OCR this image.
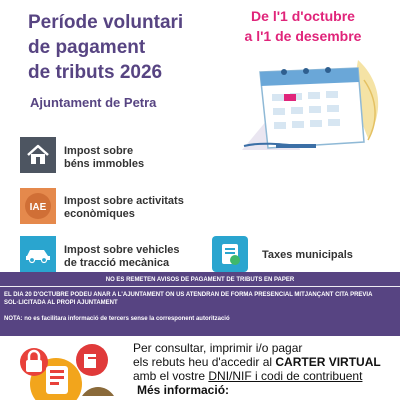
Període voluntari
de pagament
de tributs 2026
Ajuntament de Petra
De l'1 d'octubre
a l'1 de desembre
Impost sobre
béns immobles
IAE
Impost sobre activitats
econòmiques
Impost sobre vehicles
de tracció mecànica
Taxes municipals
NO ES REMETEN AVISOS DE PAGAMENT DE TRIBUTS EN PAPER
EL DIA 20 D'OCTUBRE PODEU ANAR A L'AJUNTAMENT ON US ATENDRAN DE FORMA PRESENCIAL MITJANÇANT CITA PREVIA SOL·LICITADA AL PROPI AJUNTAMENT
NOTA: no es facilitara informació de tercers sense la corresponent autorització
Per consultar, imprimir i/o pagar
els rebuts heu d'accedir al CARTER VIRTUAL
amb el vostre DNI/NIF i codi de contribuent
Més informació:
